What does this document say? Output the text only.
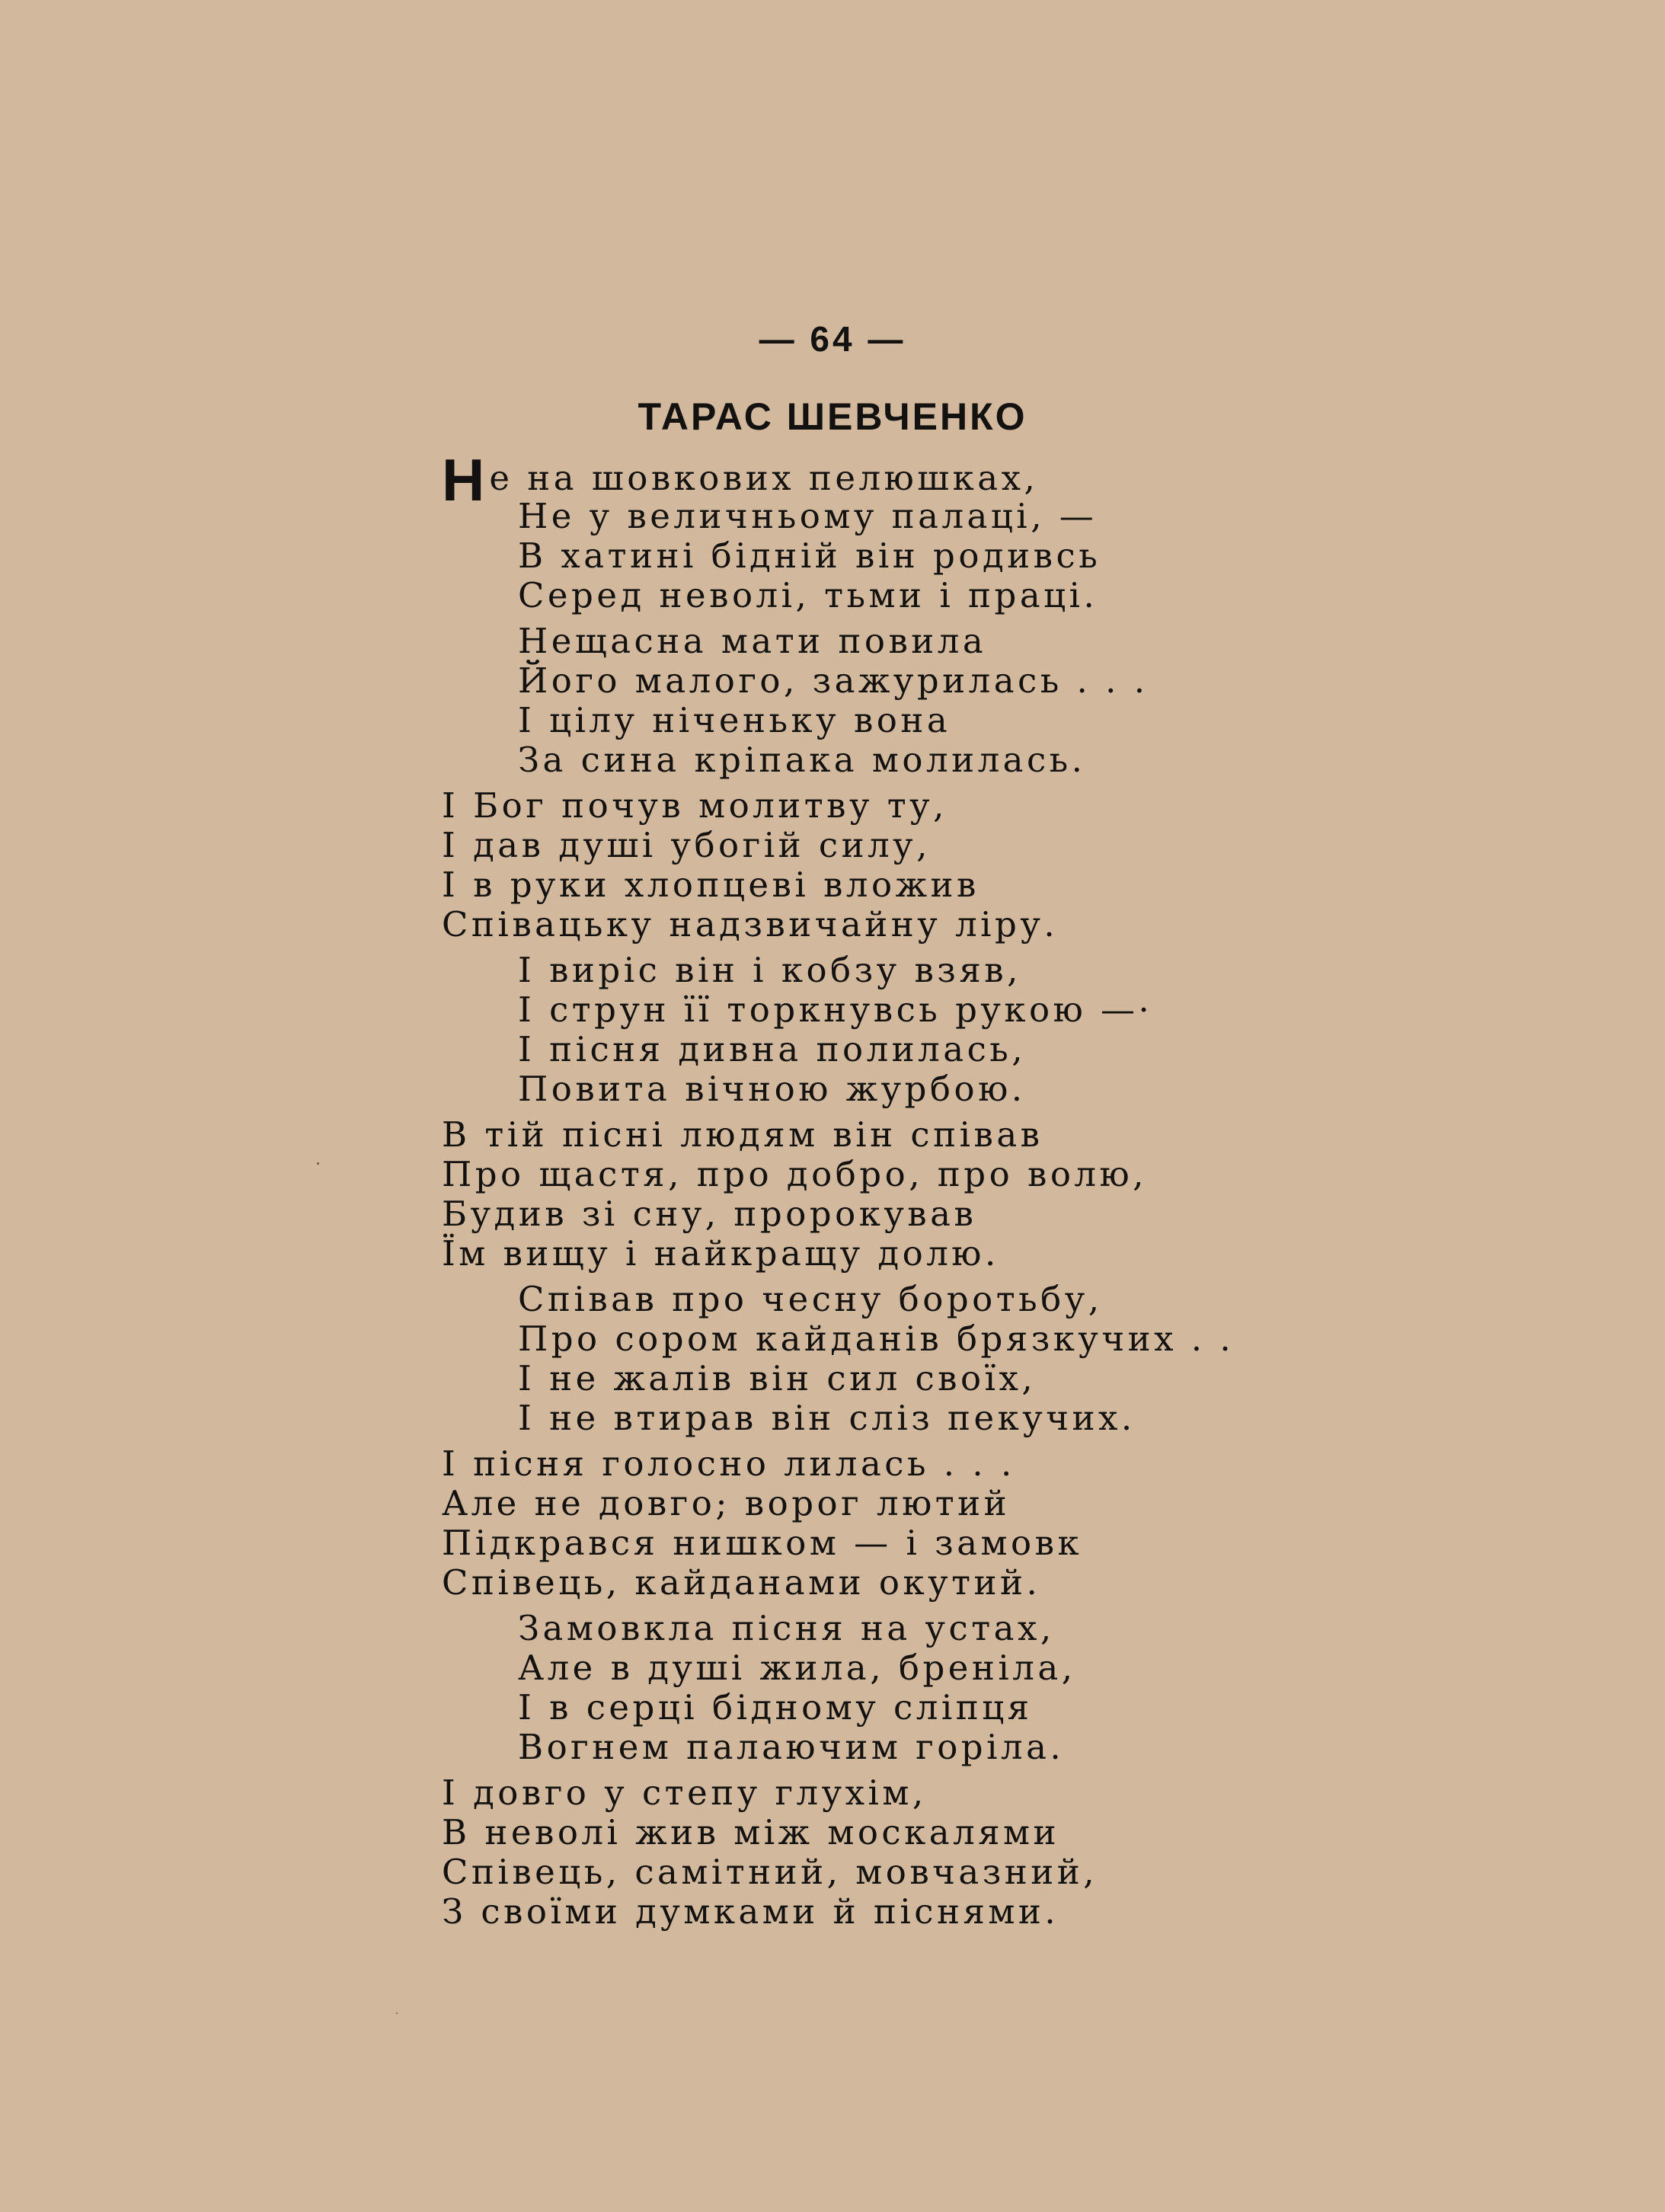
— 64 —
ТАРАС ШЕВЧЕНКО
Не на шовкових пелюшках,
Не у величньому палаці, —
В хатині бідній він родивсь
Серед неволі, тьми і праці.
Нещасна мати повила
Його малого, зажурилась . . .
І цілу ніченьку вона
За сина кріпака молилась.
І Бог почув молитву ту,
І дав душі убогій силу,
І в руки хлопцеві вложив
Співацьку надзвичайну ліру.
І виріс він і кобзу взяв,
І струн її торкнувсь рукою —·
І пісня дивна полилась,
Повита вічною журбою.
В тій пісні людям він співав
Про щастя, про добро, про волю,
Будив зі сну, пророкував
Їм вищу і найкращу долю.
Співав про чесну боротьбу,
Про сором кайданів брязкучих . .
І не жалів він сил своїх,
І не втирав він сліз пекучих.
І пісня голосно лилась . . .
Але не довго; ворог лютий
Підкрався нишком — і замовк
Співець, кайданами окутий.
Замовкла пісня на устах,
Але в душі жила, бреніла,
І в серці бідному сліпця
Вогнем палаючим горіла.
І довго у степу глухім,
В неволі жив між москалями
Співець, самітний, мовчазний,
З своїми думками й піснями.
